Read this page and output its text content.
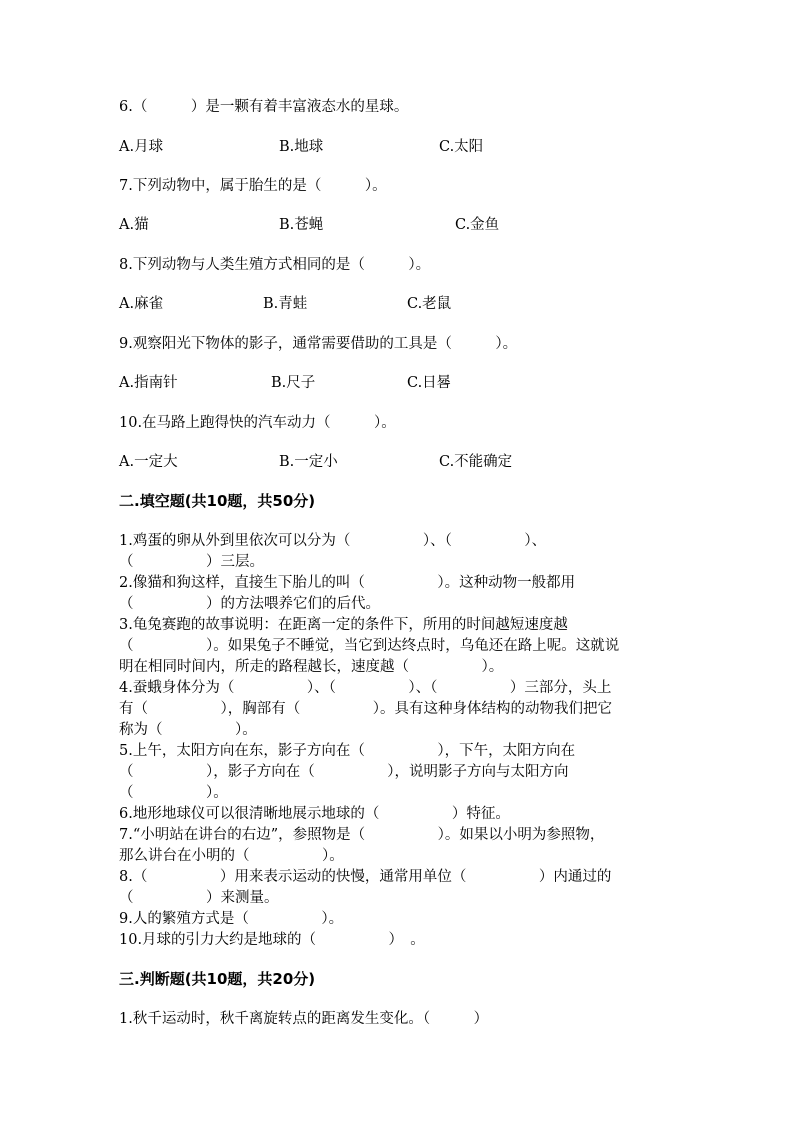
6.（　　　）是一颗有着丰富液态水的星球。
A.月球	B.地球	C.太阳
7.下列动物中，属于胎生的是（　　　）。
A.猫	B.苍蝇	C.金鱼
8.下列动物与人类生殖方式相同的是（　　　）。
A.麻雀	B.青蛙	C.老鼠
9.观察阳光下物体的影子，通常需要借助的工具是（　　　）。
A.指南针	B.尺子	C.日晷
10.在马路上跑得快的汽车动力（　　　）。
A.一定大	B.一定小	C.不能确定
二.填空题(共10题，共50分)
1.鸡蛋的卵从外到里依次可以分为（　　　　　）、（　　　　　）、
（　　　　　）三层。
2.像猫和狗这样，直接生下胎儿的叫（　　　　　）。这种动物一般都用
（　　　　　）的方法喂养它们的后代。
3.龟兔赛跑的故事说明：在距离一定的条件下，所用的时间越短速度越
（　　　　　）。如果兔子不睡觉，当它到达终点时，乌龟还在路上呢。这就说
明在相同时间内，所走的路程越长，速度越（　　　　　）。
4.蚕蛾身体分为（　　　　　）、（　　　　　）、（　　　　　）三部分，头上
有（　　　　　），胸部有（　　　　　）。具有这种身体结构的动物我们把它
称为（　　　　　）。
5.上午，太阳方向在东，影子方向在（　　　　　），下午，太阳方向在
（　　　　　），影子方向在（　　　　　），说明影子方向与太阳方向
（　　　　　）。
6.地形地球仪可以很清晰地展示地球的（　　　　　）特征。
7.“小明站在讲台的右边”，参照物是（　　　　　）。如果以小明为参照物，
那么讲台在小明的（　　　　　）。
8.（　　　　　）用来表示运动的快慢，通常用单位（　　　　　）内通过的
（　　　　　）来测量。
9.人的繁殖方式是（　　　　　）。
10.月球的引力大约是地球的（　　　　　）　。
三.判断题(共10题，共20分)
1.秋千运动时，秋千离旋转点的距离发生变化。（　　　）
